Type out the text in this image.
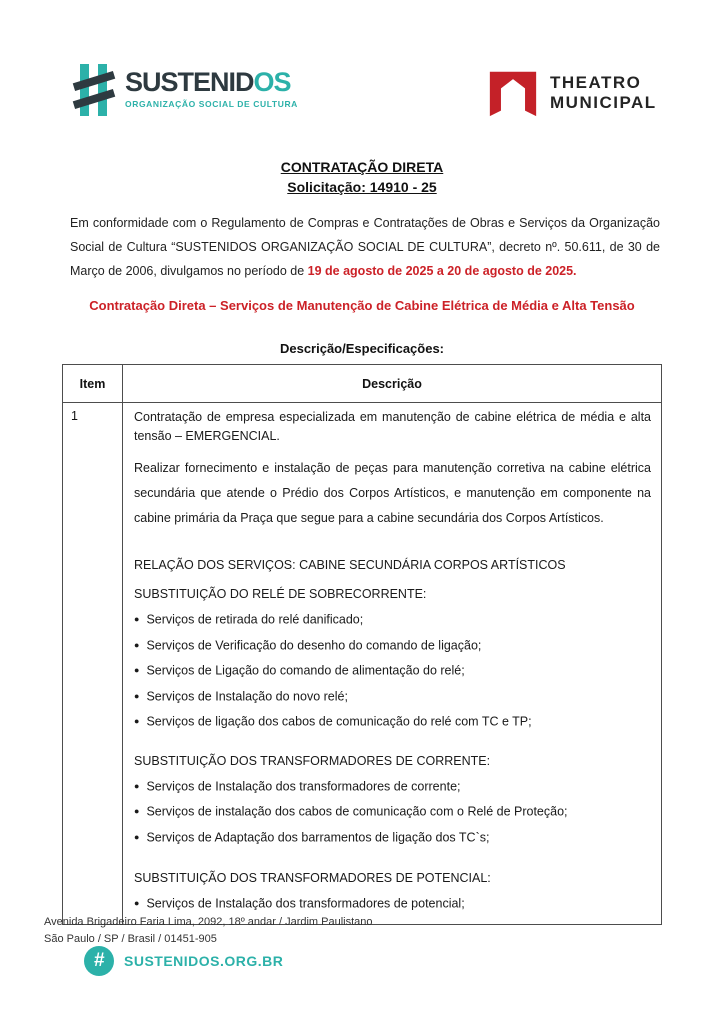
SUSTENIDOS
ORGANIZAÇÃO SOCIAL DE CULTURA
THEATRO
MUNICIPAL
CONTRATAÇÃO DIRETA
Solicitação: 14910 - 25

Em conformidade com o Regulamento de Compras e Contratações de Obras e Serviços da Organização Social de Cultura “SUSTENIDOS ORGANIZAÇÃO SOCIAL DE CULTURA”, decreto nº. 50.611, de 30 de Março de 2006, divulgamos no período de 19 de agosto de 2025 a 20 de agosto de 2025.

Contratação Direta – Serviços de Manutenção de Cabine Elétrica de Média e Alta Tensão
Descrição/Especificações:
Item	Descrição
1	Contratação de empresa especializada em manutenção de cabine elétrica de média e alta tensão – EMERGENCIAL.
Realizar fornecimento e instalação de peças para manutenção corretiva na cabine elétrica secundária que atende o Prédio dos Corpos Artísticos, e manutenção em componente na cabine primária da Praça que segue para a cabine secundária dos Corpos Artísticos.
RELAÇÃO DOS SERVIÇOS: CABINE SECUNDÁRIA CORPOS ARTÍSTICOS
SUBSTITUIÇÃO DO RELÉ DE SOBRECORRENTE:
● Serviços de retirada do relé danificado;
● Serviços de Verificação do desenho do comando de ligação;
● Serviços de Ligação do comando de alimentação do relé;
● Serviços de Instalação do novo relé;
● Serviços de ligação dos cabos de comunicação do relé com TC e TP;
SUBSTITUIÇÃO DOS TRANSFORMADORES DE CORRENTE:
● Serviços de Instalação dos transformadores de corrente;
● Serviços de instalação dos cabos de comunicação com o Relé de Proteção;
● Serviços de Adaptação dos barramentos de ligação dos TC`s;
SUBSTITUIÇÃO DOS TRANSFORMADORES DE POTENCIAL:
● Serviços de Instalação dos transformadores de potencial;
Avenida Brigadeiro Faria Lima, 2092, 18º andar / Jardim Paulistano
São Paulo / SP / Brasil / 01451-905
#	SUSTENIDOS.ORG.BR
